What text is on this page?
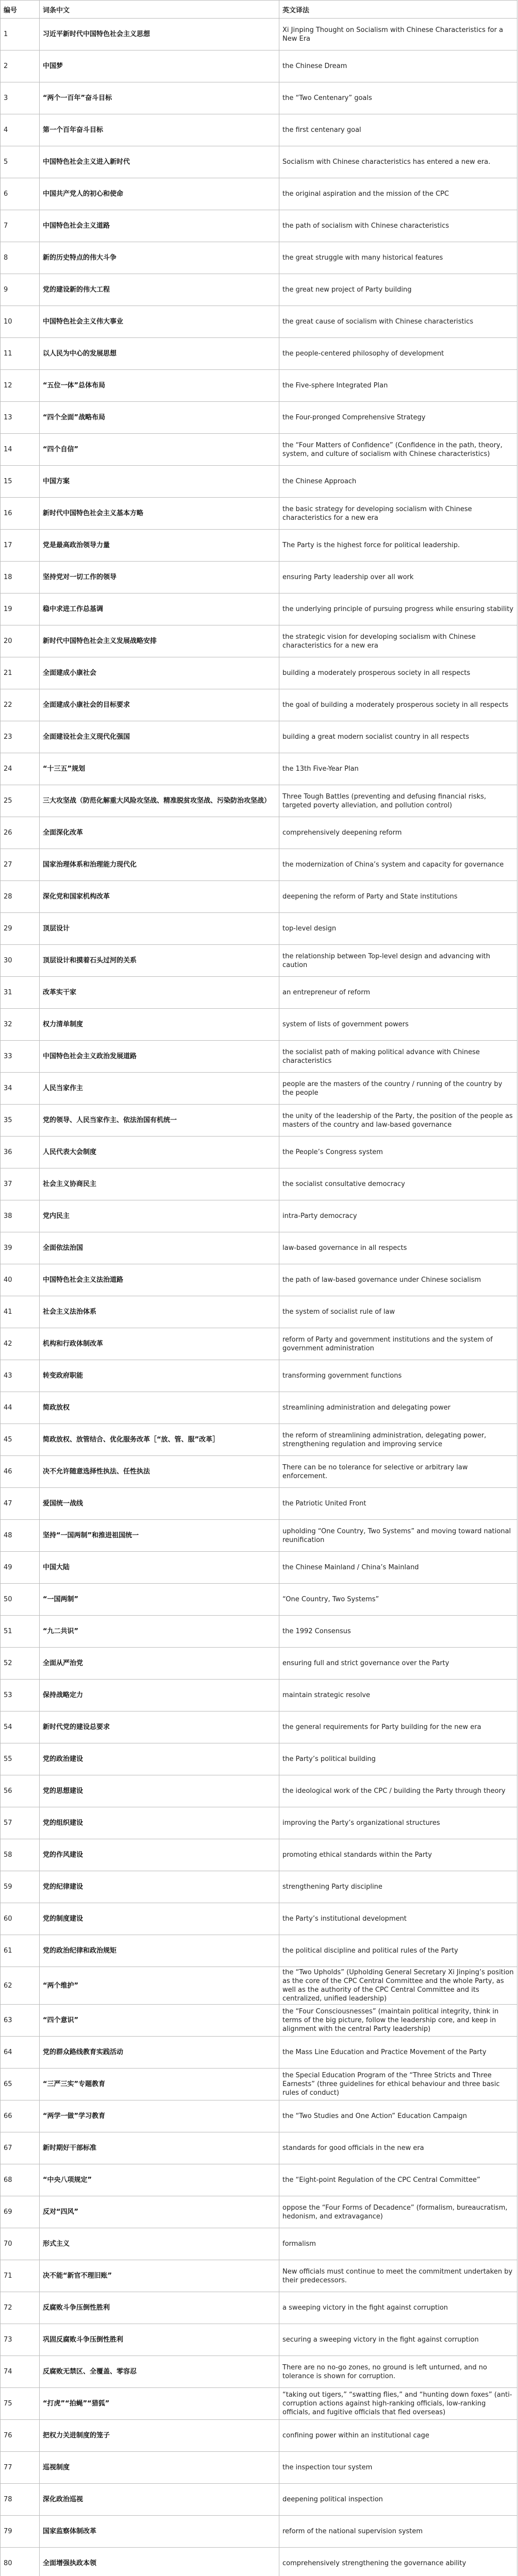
编号	词条中文	英文译法
1	习近平新时代中国特色社会主义思想	Xi Jinping Thought on Socialism with Chinese Characteristics for a New Era
2	中国梦	the Chinese Dream
3	“两个一百年”奋斗目标	the “Two Centenary” goals
4	第一个百年奋斗目标	the first centenary goal
5	中国特色社会主义进入新时代	Socialism with Chinese characteristics has entered a new era.
6	中国共产党人的初心和使命	the original aspiration and the mission of the CPC
7	中国特色社会主义道路	the path of socialism with Chinese characteristics
8	新的历史特点的伟大斗争	the great struggle with many historical features
9	党的建设新的伟大工程	the great new project of Party building
10	中国特色社会主义伟大事业	the great cause of socialism with Chinese characteristics
11	以人民为中心的发展思想	the people-centered philosophy of development
12	“五位一体”总体布局	the Five-sphere Integrated Plan
13	“四个全面”战略布局	the Four-pronged Comprehensive Strategy
14	“四个自信”	the “Four Matters of Confidence” (Confidence in the path, theory, system, and culture of socialism with Chinese characteristics)
15	中国方案	the Chinese Approach
16	新时代中国特色社会主义基本方略	the basic strategy for developing socialism with Chinese characteristics for a new era
17	党是最高政治领导力量	The Party is the highest force for political leadership.
18	坚持党对一切工作的领导	ensuring Party leadership over all work
19	稳中求进工作总基调	the underlying principle of pursuing progress while ensuring stability
20	新时代中国特色社会主义发展战略安排	the strategic vision for developing socialism with Chinese characteristics for a new era
21	全面建成小康社会	building a moderately prosperous society in all respects
22	全面建成小康社会的目标要求	the goal of building a moderately prosperous society in all respects
23	全面建设社会主义现代化强国	building a great modern socialist country in all respects
24	“十三五”规划	the 13th Five-Year Plan
25	三大攻坚战（防范化解重大风险攻坚战、精准脱贫攻坚战、污染防治攻坚战）	Three Tough Battles (preventing and defusing financial risks, targeted poverty alleviation, and pollution control)
26	全面深化改革	comprehensively deepening reform
27	国家治理体系和治理能力现代化	the modernization of China’s system and capacity for governance
28	深化党和国家机构改革	deepening the reform of Party and State institutions
29	顶层设计	top-level design
30	顶层设计和摸着石头过河的关系	the relationship between Top-level design and advancing with caution
31	改革实干家	an entrepreneur of reform
32	权力清单制度	system of lists of government powers
33	中国特色社会主义政治发展道路	the socialist path of making political advance with Chinese characteristics
34	人民当家作主	people are the masters of the country / running of the country by the people
35	党的领导、人民当家作主、依法治国有机统一	the unity of the leadership of the Party, the position of the people as masters of the country and law-based governance
36	人民代表大会制度	the People’s Congress system
37	社会主义协商民主	the socialist consultative democracy
38	党内民主	intra-Party democracy
39	全面依法治国	law-based governance in all respects
40	中国特色社会主义法治道路	the path of law-based governance under Chinese socialism
41	社会主义法治体系	the system of socialist rule of law
42	机构和行政体制改革	reform of Party and government institutions and the system of government administration
43	转变政府职能	transforming government functions
44	简政放权	streamlining administration and delegating power
45	简政放权、放管结合、优化服务改革［“放、管、服”改革］	the reform of streamlining administration, delegating power, strengthening regulation and improving service
46	决不允许随意选择性执法、任性执法	There can be no tolerance for selective or arbitrary law enforcement.
47	爱国统一战线	the Patriotic United Front
48	坚持“一国两制”和推进祖国统一	upholding “One Country, Two Systems” and moving toward national reunification
49	中国大陆	the Chinese Mainland / China’s Mainland
50	“一国两制”	“One Country, Two Systems”
51	“九二共识”	the 1992 Consensus
52	全面从严治党	ensuring full and strict governance over the Party
53	保持战略定力	maintain strategic resolve
54	新时代党的建设总要求	the general requirements for Party building for the new era
55	党的政治建设	the Party’s political building
56	党的思想建设	the ideological work of the CPC / building the Party through theory
57	党的组织建设	improving the Party’s organizational structures
58	党的作风建设	promoting ethical standards within the Party
59	党的纪律建设	strengthening Party discipline
60	党的制度建设	the Party’s institutional development
61	党的政治纪律和政治规矩	the political discipline and political rules of the Party
62	“两个维护”	the “Two Upholds” (Upholding General Secretary Xi Jinping’s position as the core of the CPC Central Committee and the whole Party, as well as the authority of the CPC Central Committee and its centralized, unified leadership)
63	“四个意识”	the “Four Consciousnesses” (maintain political integrity, think in terms of the big picture, follow the leadership core, and keep in alignment with the central Party leadership)
64	党的群众路线教育实践活动	the Mass Line Education and Practice Movement of the Party
65	“三严三实”专题教育	the Special Education Program of the “Three Stricts and Three Earnests” (three guidelines for ethical behaviour and three basic rules of conduct)
66	“两学一做”学习教育	the “Two Studies and One Action” Education Campaign
67	新时期好干部标准	standards for good officials in the new era
68	“中央八项规定”	the “Eight-point Regulation of the CPC Central Committee”
69	反对“四风”	oppose the “Four Forms of Decadence” (formalism, bureaucratism, hedonism, and extravagance)
70	形式主义	formalism
71	决不能“新官不理旧账”	New officials must continue to meet the commitment undertaken by their predecessors.
72	反腐败斗争压倒性胜利	a sweeping victory in the fight against corruption
73	巩固反腐败斗争压倒性胜利	securing a sweeping victory in the fight against corruption
74	反腐败无禁区、全覆盖、零容忍	There are no no-go zones, no ground is left unturned, and no tolerance is shown for corruption.
75	“打虎”“拍蝇”“猎狐”	“taking out tigers,” “swatting flies,” and “hunting down foxes” (anti-corruption actions against high-ranking officials, low-ranking officials, and fugitive officials that fled overseas)
76	把权力关进制度的笼子	confining power within an institutional cage
77	巡视制度	the inspection tour system
78	深化政治巡视	deepening political inspection
79	国家监察体制改革	reform of the national supervision system
80	全面增强执政本领	comprehensively strengthening the governance ability
